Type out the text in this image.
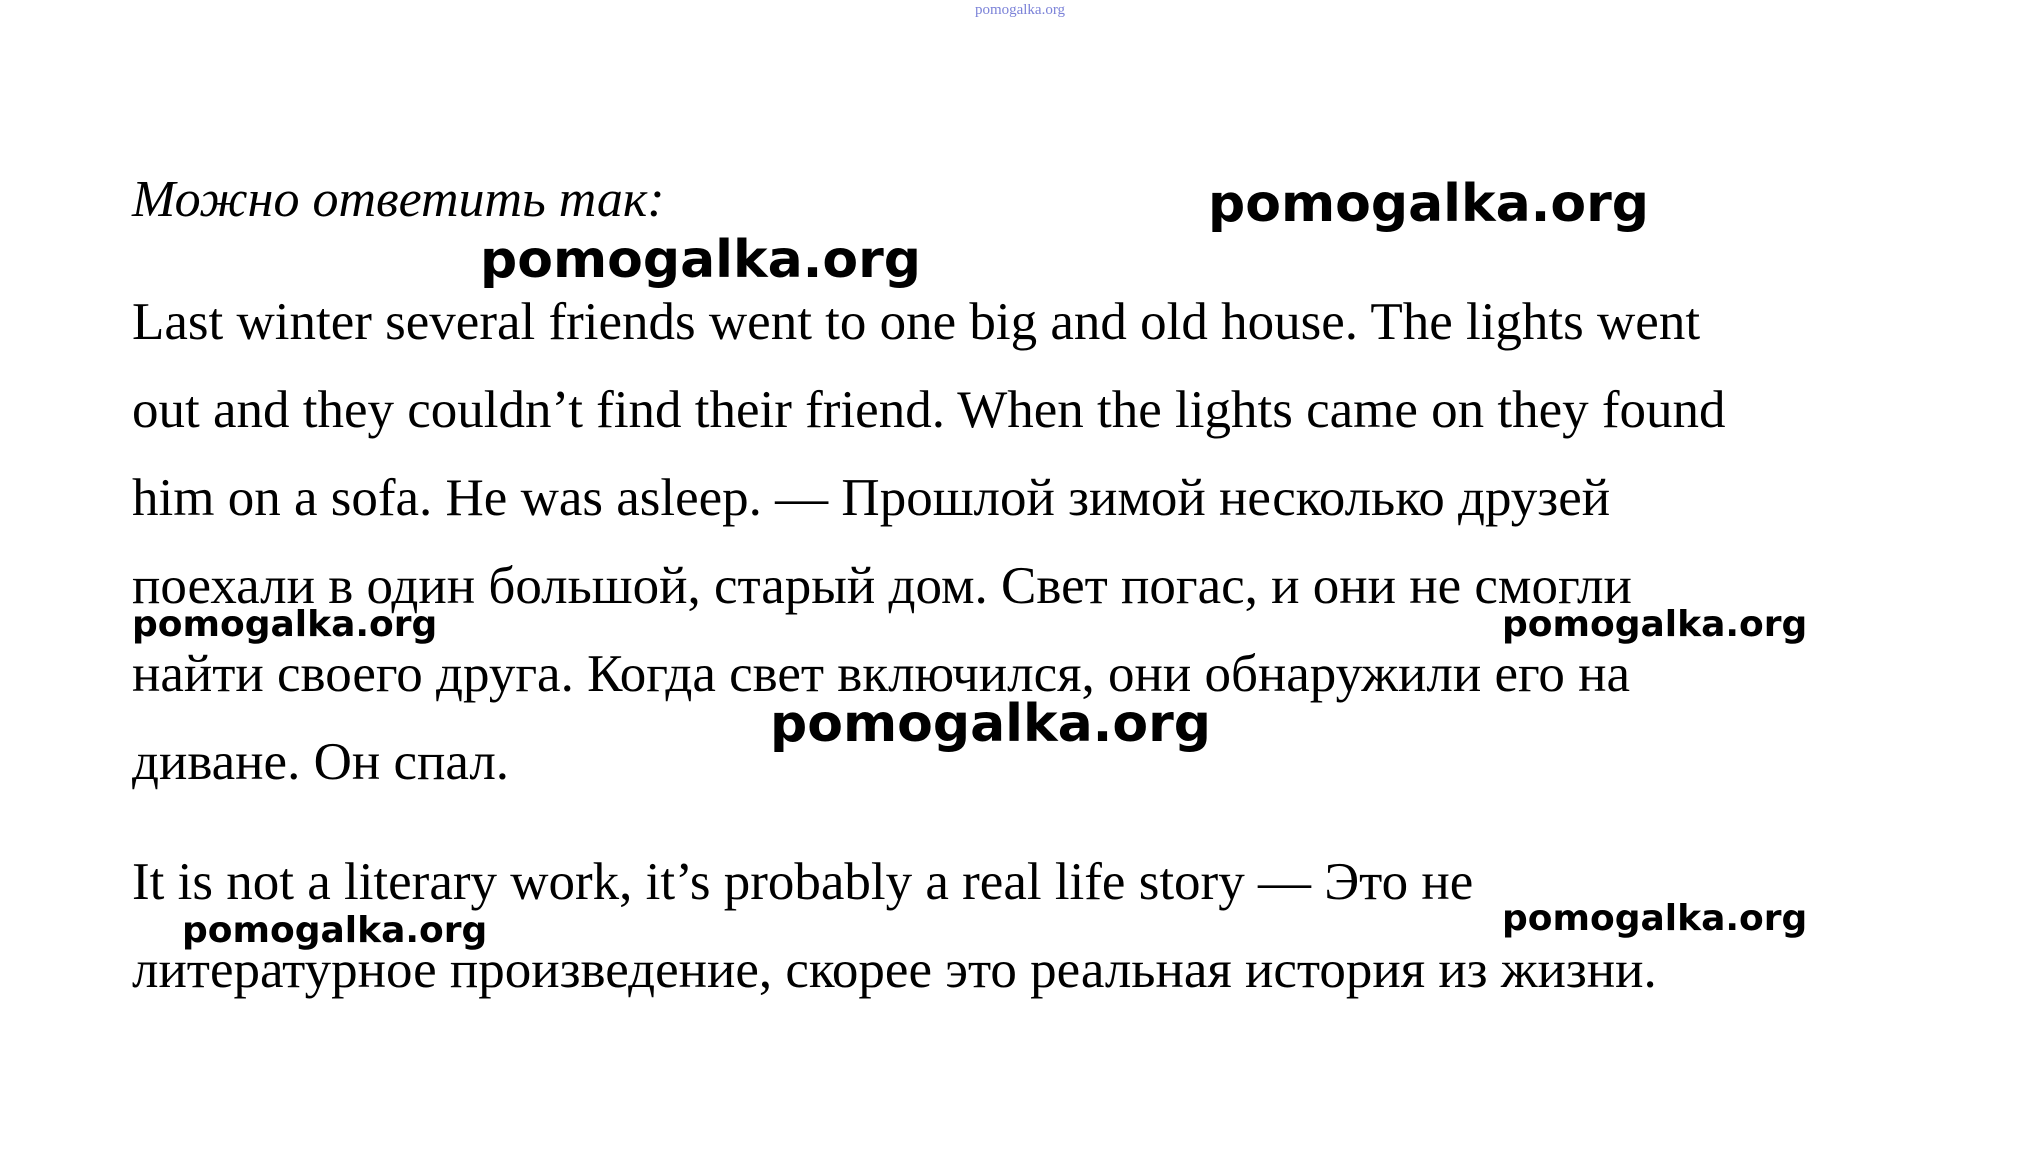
pomogalka.org
Можно ответить так:
Last winter several friends went to one big and old house. The lights went
out and they couldn’t find their friend. When the lights came on they found
him on a sofa. He was asleep. — Прошлой зимой несколько друзей
поехали в один большой, старый дом. Свет погас, и они не смогли
найти своего друга. Когда свет включился, они обнаружили его на
диване. Он спал.
It is not a literary work, it’s probably a real life story — Это не
литературное произведение, скорее это реальная история из жизни.
pomogalka.org
pomogalka.org
pomogalka.org	pomogalka.org
pomogalka.org
pomogalka.org	pomogalka.org
